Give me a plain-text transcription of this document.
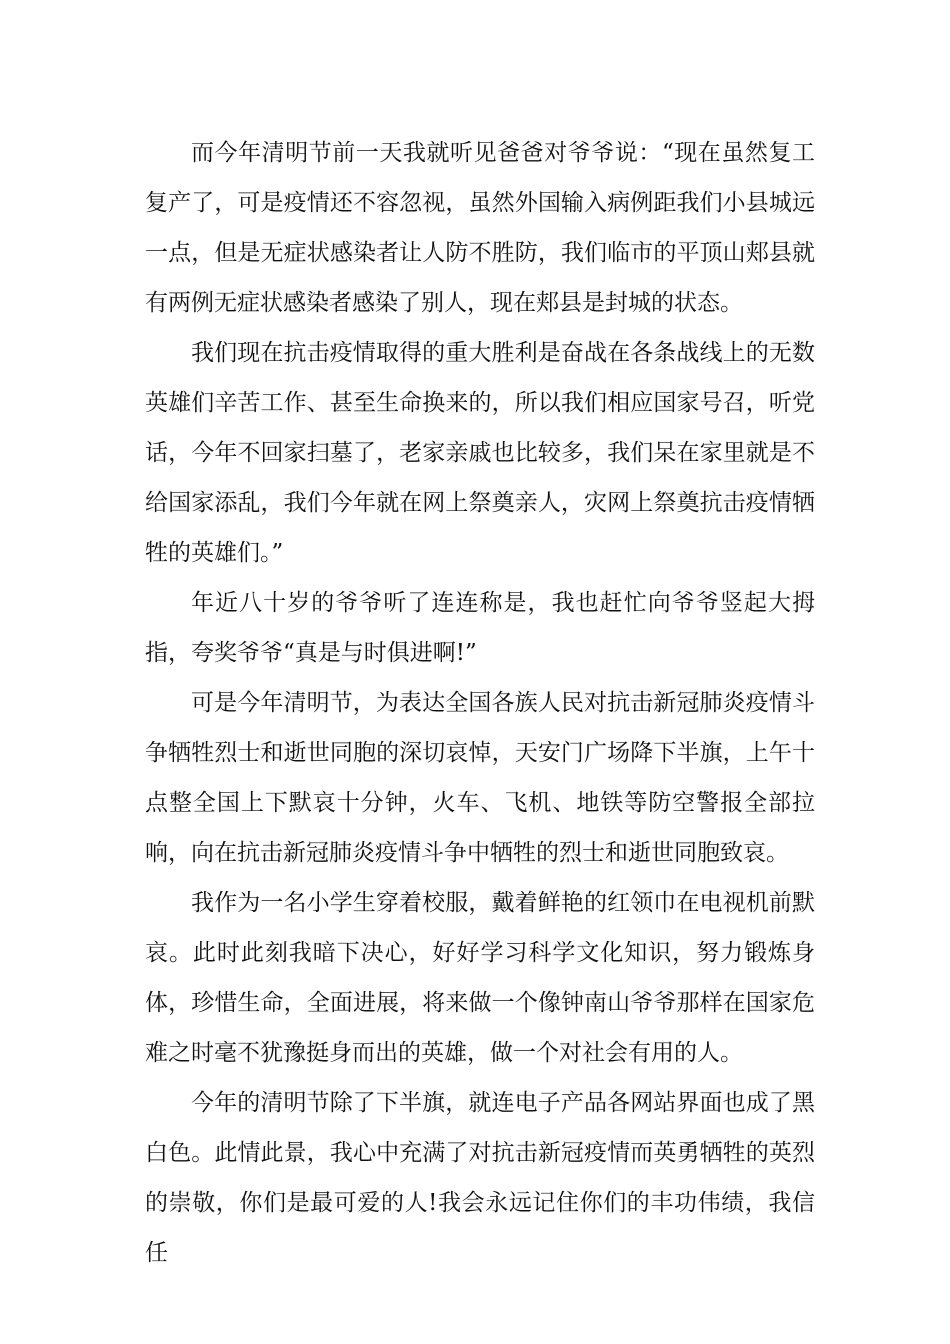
而今年清明节前一天我就听见爸爸对爷爷说：“现在虽然复工复产了，可是疫情还不容忽视，虽然外国输入病例距我们小县城远一点，但是无症状感染者让人防不胜防，我们临市的平顶山郏县就有两例无症状感染者感染了别人，现在郏县是封城的状态。

我们现在抗击疫情取得的重大胜利是奋战在各条战线上的无数英雄们辛苦工作、甚至生命换来的，所以我们相应国家号召，听党话，今年不回家扫墓了，老家亲戚也比较多，我们呆在家里就是不给国家添乱，我们今年就在网上祭奠亲人，灾网上祭奠抗击疫情牺牲的英雄们。”

年近八十岁的爷爷听了连连称是，我也赶忙向爷爷竖起大拇指，夸奖爷爷“真是与时俱进啊!”

可是今年清明节，为表达全国各族人民对抗击新冠肺炎疫情斗争牺牲烈士和逝世同胞的深切哀悼，天安门广场降下半旗，上午十点整全国上下默哀十分钟，火车、飞机、地铁等防空警报全部拉响，向在抗击新冠肺炎疫情斗争中牺牲的烈士和逝世同胞致哀。

我作为一名小学生穿着校服，戴着鲜艳的红领巾在电视机前默哀。此时此刻我暗下决心，好好学习科学文化知识，努力锻炼身体，珍惜生命，全面进展，将来做一个像钟南山爷爷那样在国家危难之时毫不犹豫挺身而出的英雄，做一个对社会有用的人。

今年的清明节除了下半旗，就连电子产品各网站界面也成了黑白色。此情此景，我心中充满了对抗击新冠疫情而英勇牺牲的英烈的崇敬，你们是最可爱的人!我会永远记住你们的丰功伟绩，我信任
